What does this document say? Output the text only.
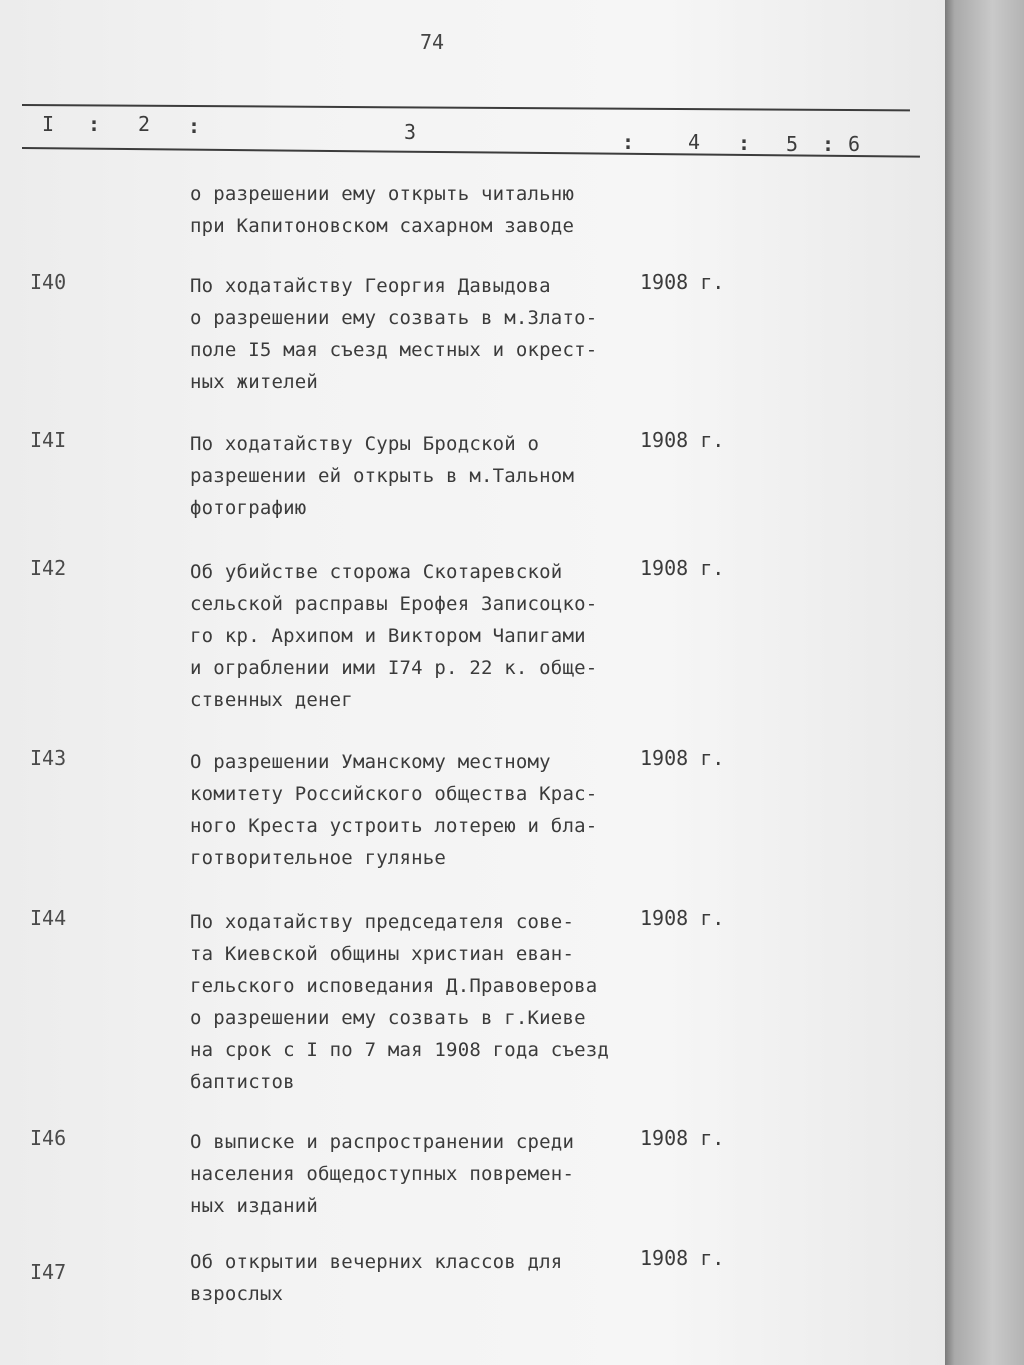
74
I : 2 :	3	:	4 : 5 : 6
о разрешении ему открыть читальню
при Капитоновском сахарном заводе
I40	По ходатайству Георгия Давыдова
о разрешении ему созвать в м.Злато-
поле I5 мая съезд местных и окрест-
ных жителей
1908 г.
I4I	По ходатайству Суры Бродской о
разрешении ей открыть в м.Тальном
фотографию
1908 г.
I42	Об убийстве сторожа Скотаревской
сельской расправы Ерофея Записоцко-
го кр. Архипом и Виктором Чапигами
и ограблении ими I74 р. 22 к. обще-
ственных денег
1908 г.
I43	О разрешении Уманскому местному
комитету Российского общества Крас-
ного Креста устроить лотерею и бла-
готворительное гулянье
1908 г.
I44	По ходатайству председателя сове-
та Киевской общины христиан еван-
гельского исповедания Д.Правоверова
о разрешении ему созвать в г.Киеве
на срок с I по 7 мая 1908 года съезд
баптистов
1908 г.
I46	О выписке и распространении среди
населения общедоступных повремен-
ных изданий
1908 г.
I47	Об открытии вечерних классов для
взрослых
1908 г.
